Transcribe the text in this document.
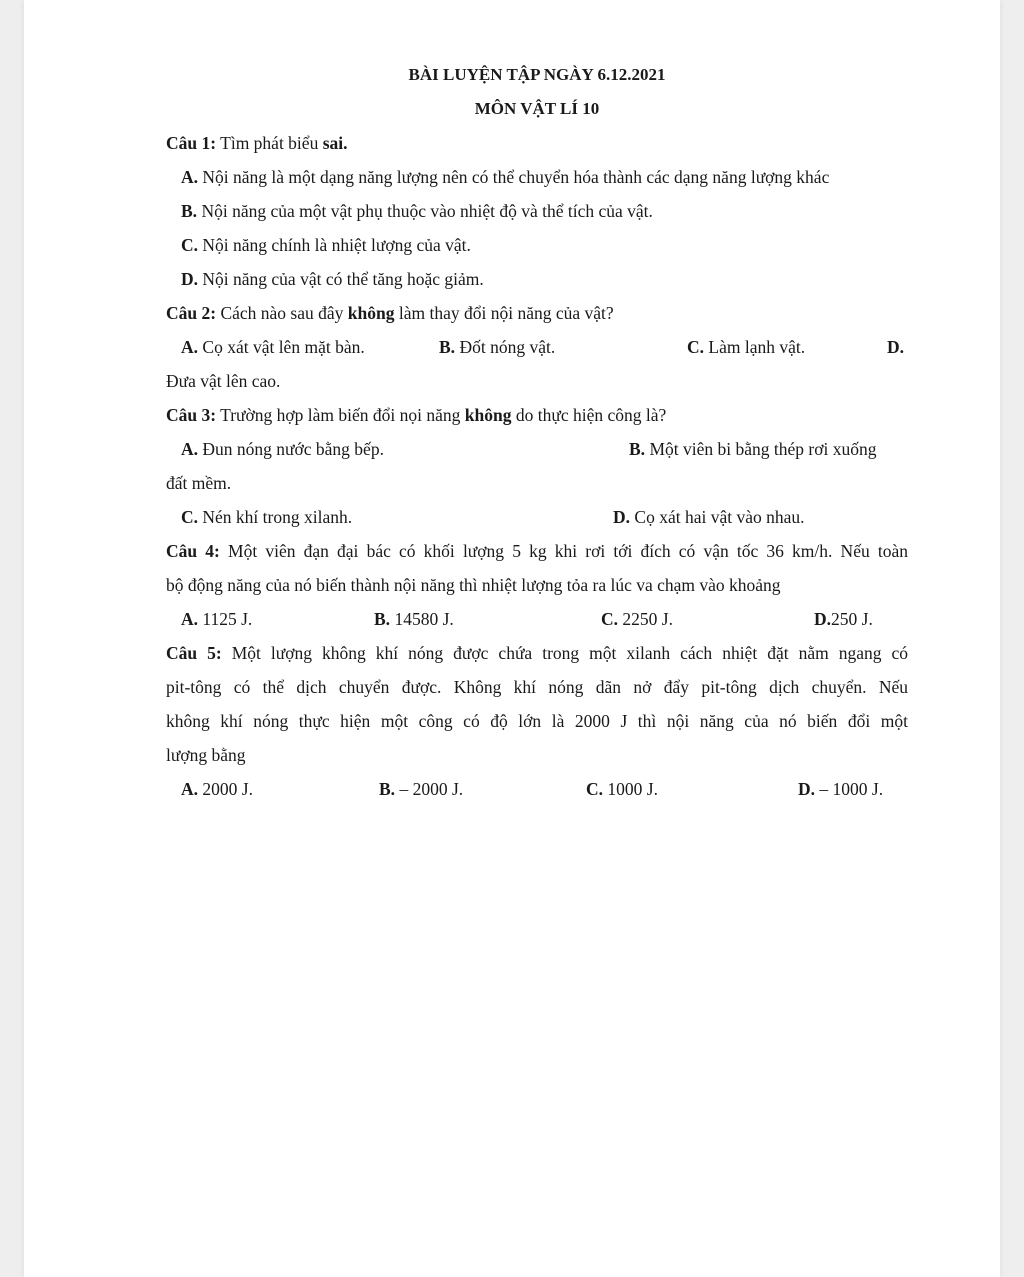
BÀI LUYỆN TẬP NGÀY 6.12.2021
MÔN VẬT LÍ 10
Câu 1: Tìm phát biểu sai.
A. Nội năng là một dạng năng lượng nên có thể chuyển hóa thành các dạng năng lượng khác
B. Nội năng của một vật phụ thuộc vào nhiệt độ và thể tích của vật.
C. Nội năng chính là nhiệt lượng của vật.
D. Nội năng của vật có thể tăng hoặc giảm.
Câu 2: Cách nào sau đây không làm thay đổi nội năng của vật?
A. Cọ xát vật lên mặt bàn.	B. Đốt nóng vật.	C. Làm lạnh vật.	D.
Đưa vật lên cao.
Câu 3: Trường hợp làm biến đổi nọi năng không do thực hiện công là?
A. Đun nóng nước bằng bếp.	B. Một viên bi bằng thép rơi xuống
đất mềm.
C. Nén khí trong xilanh.	D. Cọ xát hai vật vào nhau.
Câu 4: Một viên đạn đại bác có khối lượng 5 kg khi rơi tới đích có vận tốc 36 km/h. Nếu toàn
bộ động năng của nó biến thành nội năng thì nhiệt lượng tỏa ra lúc va chạm vào khoảng
A. 1125 J.	B. 14580 J.	C. 2250 J.	D.250 J.
Câu 5: Một lượng không khí nóng được chứa trong một xilanh cách nhiệt đặt nằm ngang có
pit-tông có thể dịch chuyển được. Không khí nóng dãn nở đẩy pit-tông dịch chuyển. Nếu
không khí nóng thực hiện một công có độ lớn là 2000 J thì nội năng của nó biến đổi một
lượng bằng
A. 2000 J.	B. – 2000 J.	C. 1000 J.	D. – 1000 J.
